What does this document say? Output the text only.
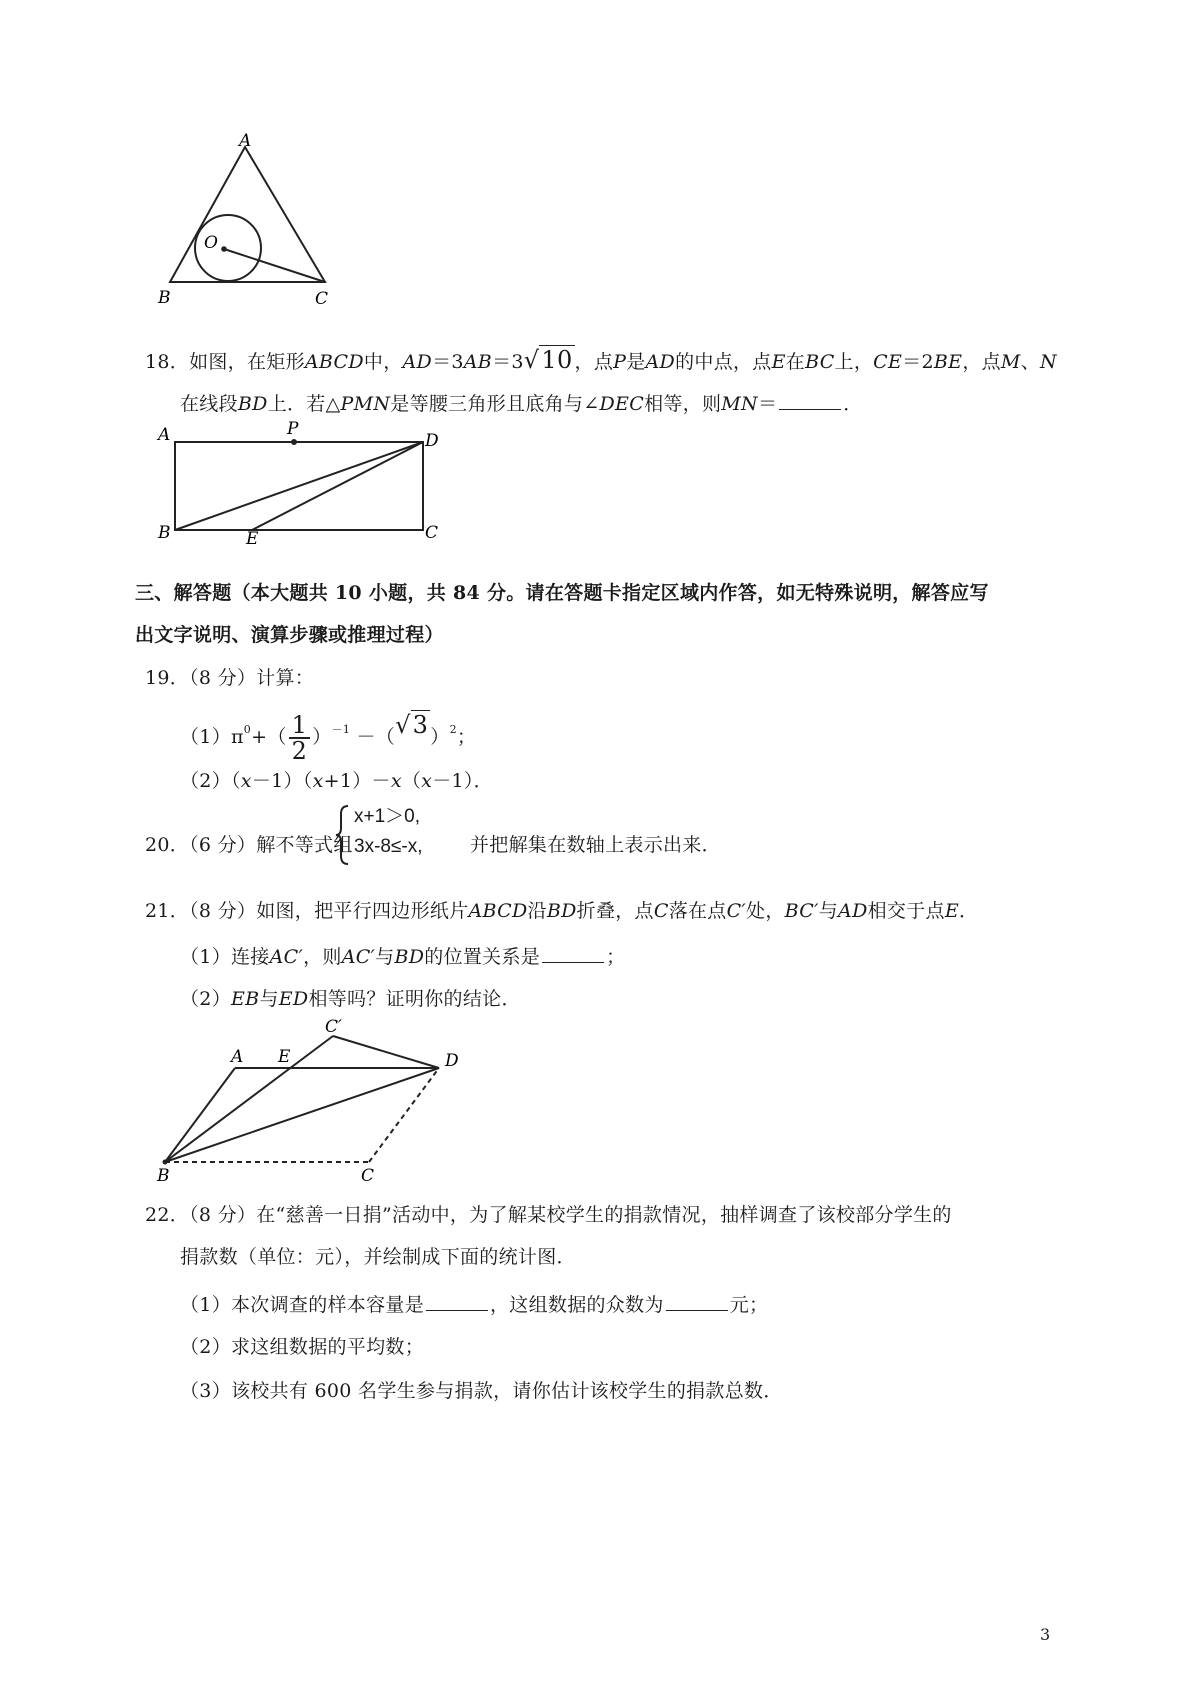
A
O
B	C
18．如图，在矩形ABCD中，AD＝3AB＝3√10 ，点P是AD的中点，点E在BC上，CE＝2BE，点M、N
在线段BD上．若△PMN是等腰三角形且底角与∠DEC相等，则MN＝	．
A	P
D
B	E	C
三、解答题（本大题共 10 小题，共 84 分。请在答题卡指定区域内作答，如无特殊说明，解答应写
出文字说明、演算步骤或推理过程）
19．（8 分）计算：
$(1)\pi^0+( \frac{1}{2} )^{-1} -(√3$ ）$^2$；
（2）（x－1）（x+1）－x（x－1）．
20．（6 分）解不等式组
x+1＞0,
3x-8≤-x,	并把解集在数轴上表示出来．
21．（8 分）如图，把平行四边形纸片ABCD沿BD折叠，点C落在点C′处，BC′与AD相交于点E．
（1）连接AC′，则AC′与BD的位置关系是	；
（2）EB与ED相等吗？证明你的结论．
C′
A E	D
B	C
22．（8 分）在“慈善一日捐”活动中，为了解某校学生的捐款情况，抽样调查了该校部分学生的
捐款数（单位：元），并绘制成下面的统计图．
（1）本次调查的样本容量是	，这组数据的众数为	元；
（2）求这组数据的平均数；
（3）该校共有 600 名学生参与捐款，请你估计该校学生的捐款总数．
3
